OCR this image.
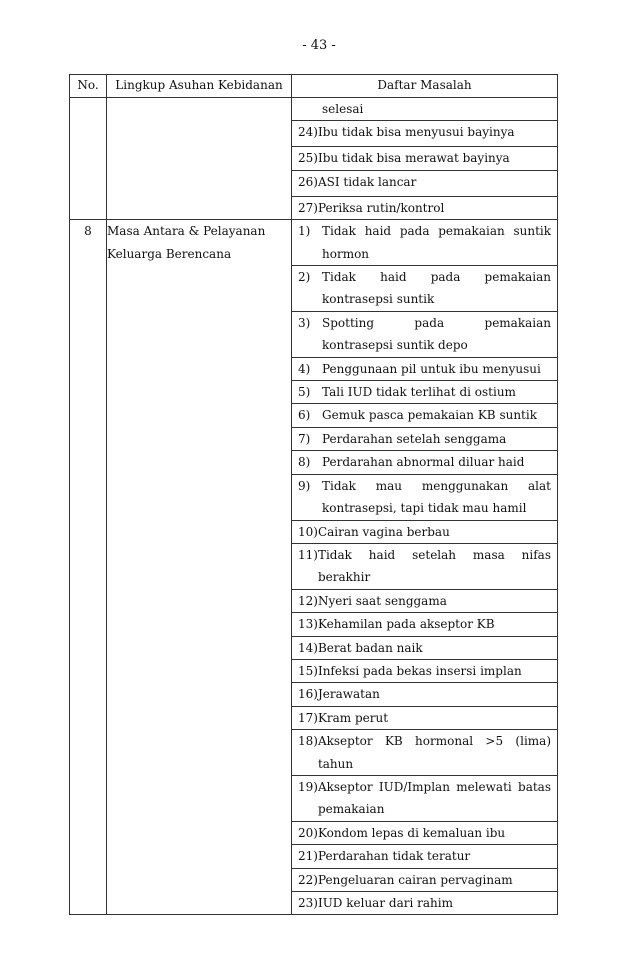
- 43 -
No.	Lingkup Asuhan Kebidanan	Daftar Masalah

		selesai

		24) Ibu tidak bisa menyusui bayinya

		25) Ibu tidak bisa merawat bayinya

		26) ASI tidak lancar

		27) Periksa rutin/kontrol

8	Masa Antara & Pelayanan Keluarga Berencana	1) Tidak haid pada pemakaian suntik hormon

		2) Tidak haid pada pemakaian kontrasepsi suntik

		3) Spotting pada pemakaian kontrasepsi suntik depo

		4) Penggunaan pil untuk ibu menyusui

		5) Tali IUD tidak terlihat di ostium

		6) Gemuk pasca pemakaian KB suntik

		7) Perdarahan setelah senggama

		8) Perdarahan abnormal diluar haid

		9) Tidak mau menggunakan alat kontrasepsi, tapi tidak mau hamil

		10) Cairan vagina berbau

		11) Tidak haid setelah masa nifas berakhir

		12) Nyeri saat senggama

		13) Kehamilan pada akseptor KB

		14) Berat badan naik

		15) Infeksi pada bekas insersi implan

		16) Jerawatan

		17) Kram perut

		18) Akseptor KB hormonal >5 (lima) tahun

		19) Akseptor IUD/Implan melewati batas pemakaian

		20) Kondom lepas di kemaluan ibu

		21) Perdarahan tidak teratur

		22) Pengeluaran cairan pervaginam

		23) IUD keluar dari rahim
